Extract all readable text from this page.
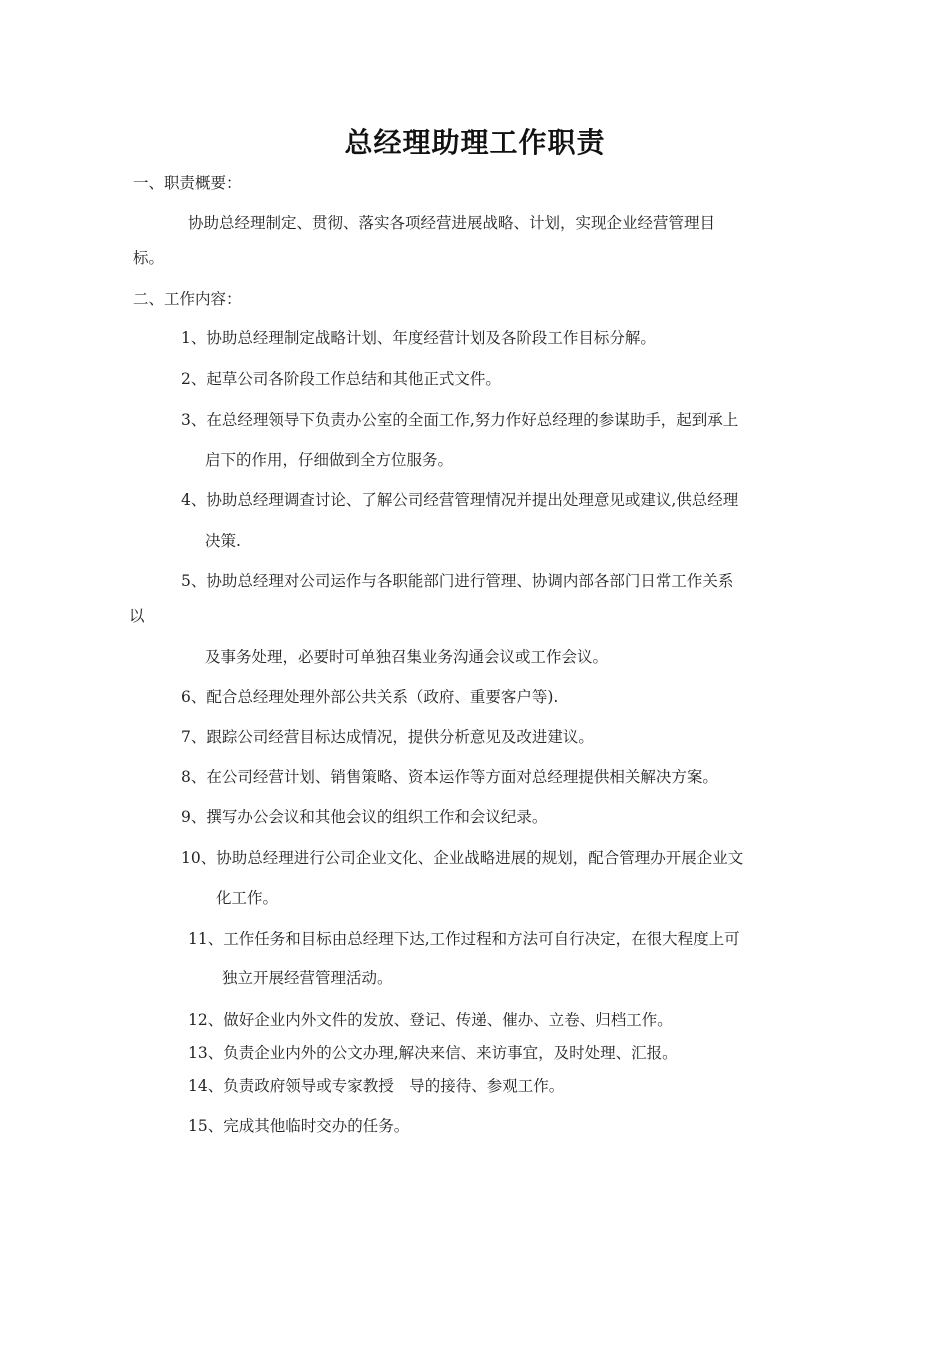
总经理助理工作职责
一、职责概要：
协助总经理制定、贯彻、落实各项经营进展战略、计划，实现企业经营管理目
标。
二、工作内容：
1、协助总经理制定战略计划、年度经营计划及各阶段工作目标分解。
2、起草公司各阶段工作总结和其他正式文件。
3、在总经理领导下负责办公室的全面工作,努力作好总经理的参谋助手，起到承上
启下的作用，仔细做到全方位服务。
4、协助总经理调查讨论、了解公司经营管理情况并提出处理意见或建议,供总经理
决策.
5、协助总经理对公司运作与各职能部门进行管理、协调内部各部门日常工作关系
以
及事务处理，必要时可单独召集业务沟通会议或工作会议。
6、配合总经理处理外部公共关系（政府、重要客户等).
7、跟踪公司经营目标达成情况，提供分析意见及改进建议。
8、在公司经营计划、销售策略、资本运作等方面对总经理提供相关解决方案。
9、撰写办公会议和其他会议的组织工作和会议纪录。
10、协助总经理进行公司企业文化、企业战略进展的规划，配合管理办开展企业文
化工作。
11、工作任务和目标由总经理下达,工作过程和方法可自行决定，在很大程度上可
独立开展经营管理活动。
12、做好企业内外文件的发放、登记、传递、催办、立卷、归档工作。
13、负责企业内外的公文办理,解决来信、来访事宜，及时处理、汇报。
14、负责政府领导或专家教授　导的接待、参观工作。
15、完成其他临时交办的任务。
